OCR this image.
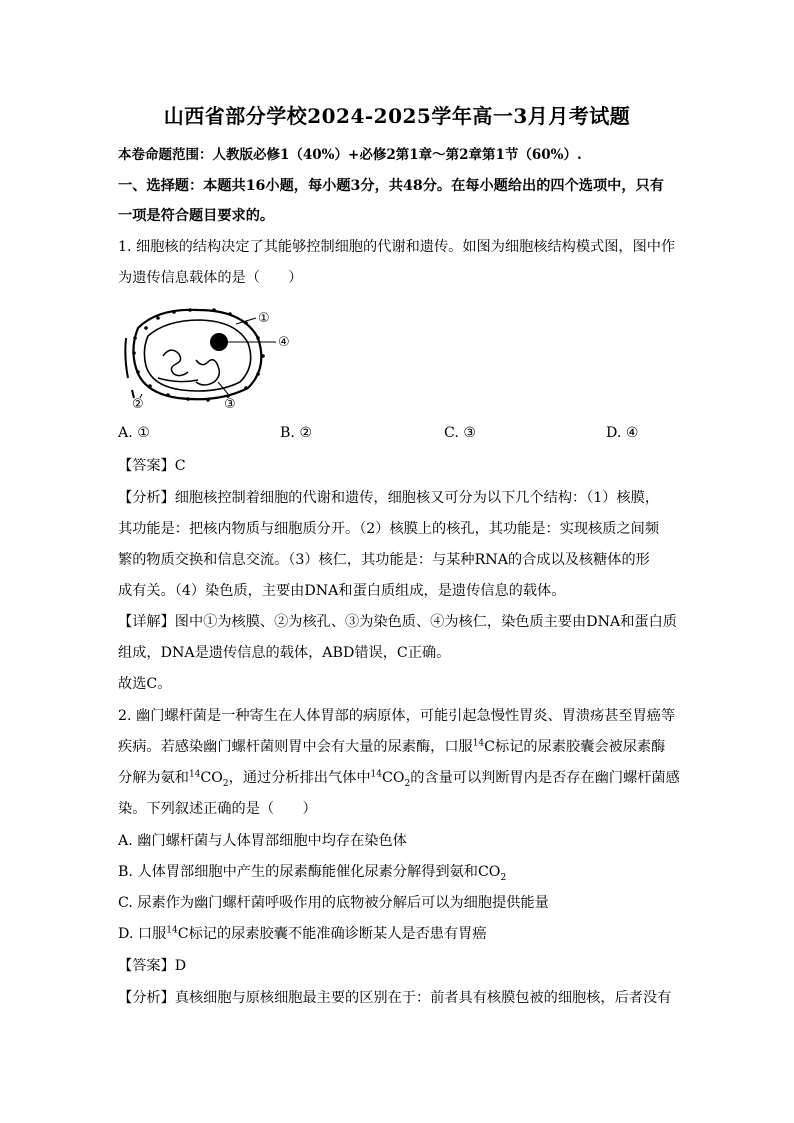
山西省部分学校2024-2025学年高一3月月考试题
本卷命题范围：人教版必修1（40%）+必修2第1章～第2章第1节（60%）.
一、选择题：本题共16小题，每小题3分，共48分。在每小题给出的四个选项中，只有
一项是符合题目要求的。
1. 细胞核的结构决定了其能够控制细胞的代谢和遗传。如图为细胞核结构模式图，图中作
为遗传信息载体的是（　　）
①
④
②	③
A. ①	B. ②	C. ③	D. ④
【答案】C
【分析】细胞核控制着细胞的代谢和遗传，细胞核又可分为以下几个结构：（1）核膜，
其功能是：把核内物质与细胞质分开。（2）核膜上的核孔，其功能是：实现核质之间频
繁的物质交换和信息交流。（3）核仁，其功能是：与某种RNA的合成以及核糖体的形
成有关。（4）染色质，主要由DNA和蛋白质组成，是遗传信息的载体。
【详解】图中①为核膜、②为核孔、③为染色质、④为核仁，染色质主要由DNA和蛋白质
组成，DNA是遗传信息的载体，ABD错误，C正确。
故选C。
2. 幽门螺杆菌是一种寄生在人体胃部的病原体，可能引起急慢性胃炎、胃溃疡甚至胃癌等
疾病。若感染幽门螺杆菌则胃中会有大量的尿素酶，口服$^{14}$C标记的尿素胶囊会被尿素酶
分解为氨和$^{14}CO_2$，通过分析排出气体中$^{14}CO_2$的含量可以判断胃内是否存在幽门螺杆菌感
染。下列叙述正确的是（　　）
A. 幽门螺杆菌与人体胃部细胞中均存在染色体
B. 人体胃部细胞中产生的尿素酶能催化尿素分解得到氨和$CO_2$
C. 尿素作为幽门螺杆菌呼吸作用的底物被分解后可以为细胞提供能量
D. 口服$^{14}$C标记的尿素胶囊不能准确诊断某人是否患有胃癌
【答案】D
【分析】真核细胞与原核细胞最主要的区别在于：前者具有核膜包被的细胞核，后者没有
